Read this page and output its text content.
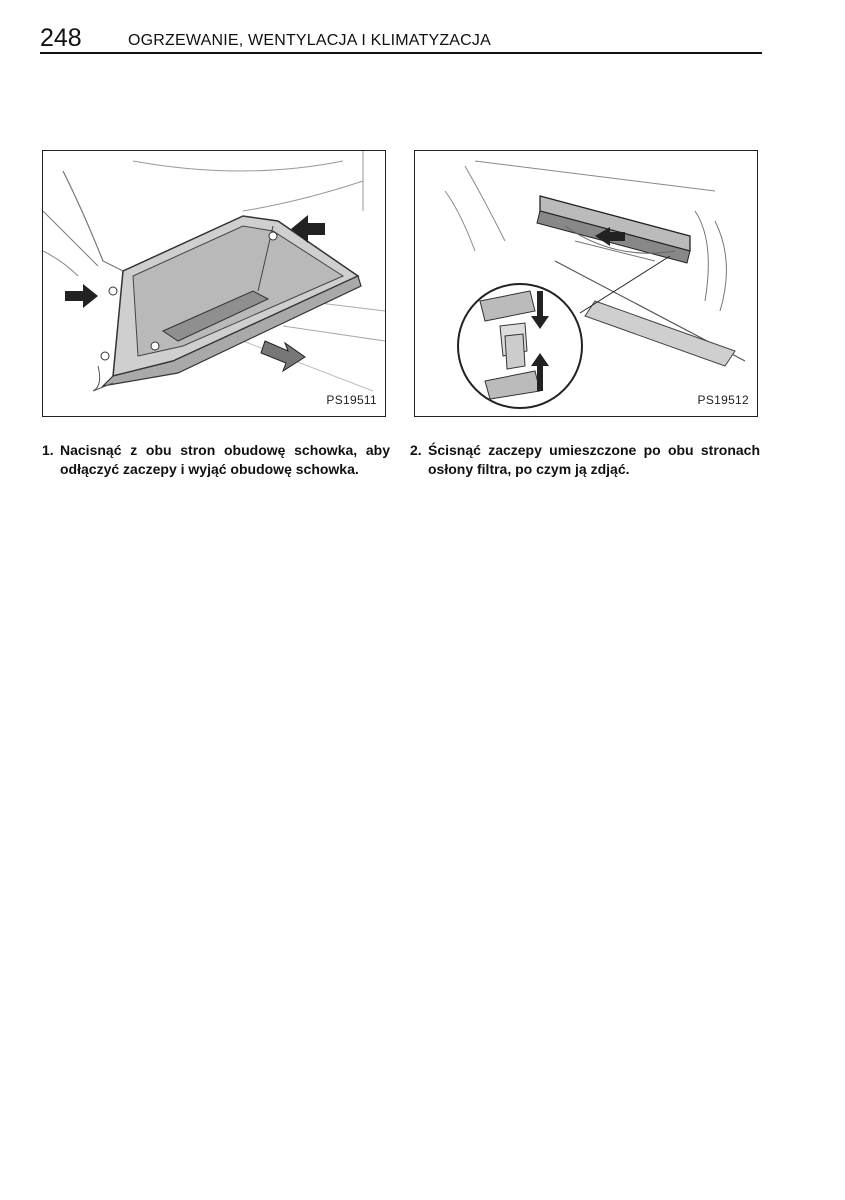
248	OGRZEWANIE, WENTYLACJA I KLIMATYZACJA
PS19511	PS19512
1. Nacisnąć z obu stron obudowę schowka, aby odłączyć zaczepy i wyjąć obudowę schowka.
2. Ścisnąć zaczepy umieszczone po obu stronach osłony filtra, po czym ją zdjąć.
